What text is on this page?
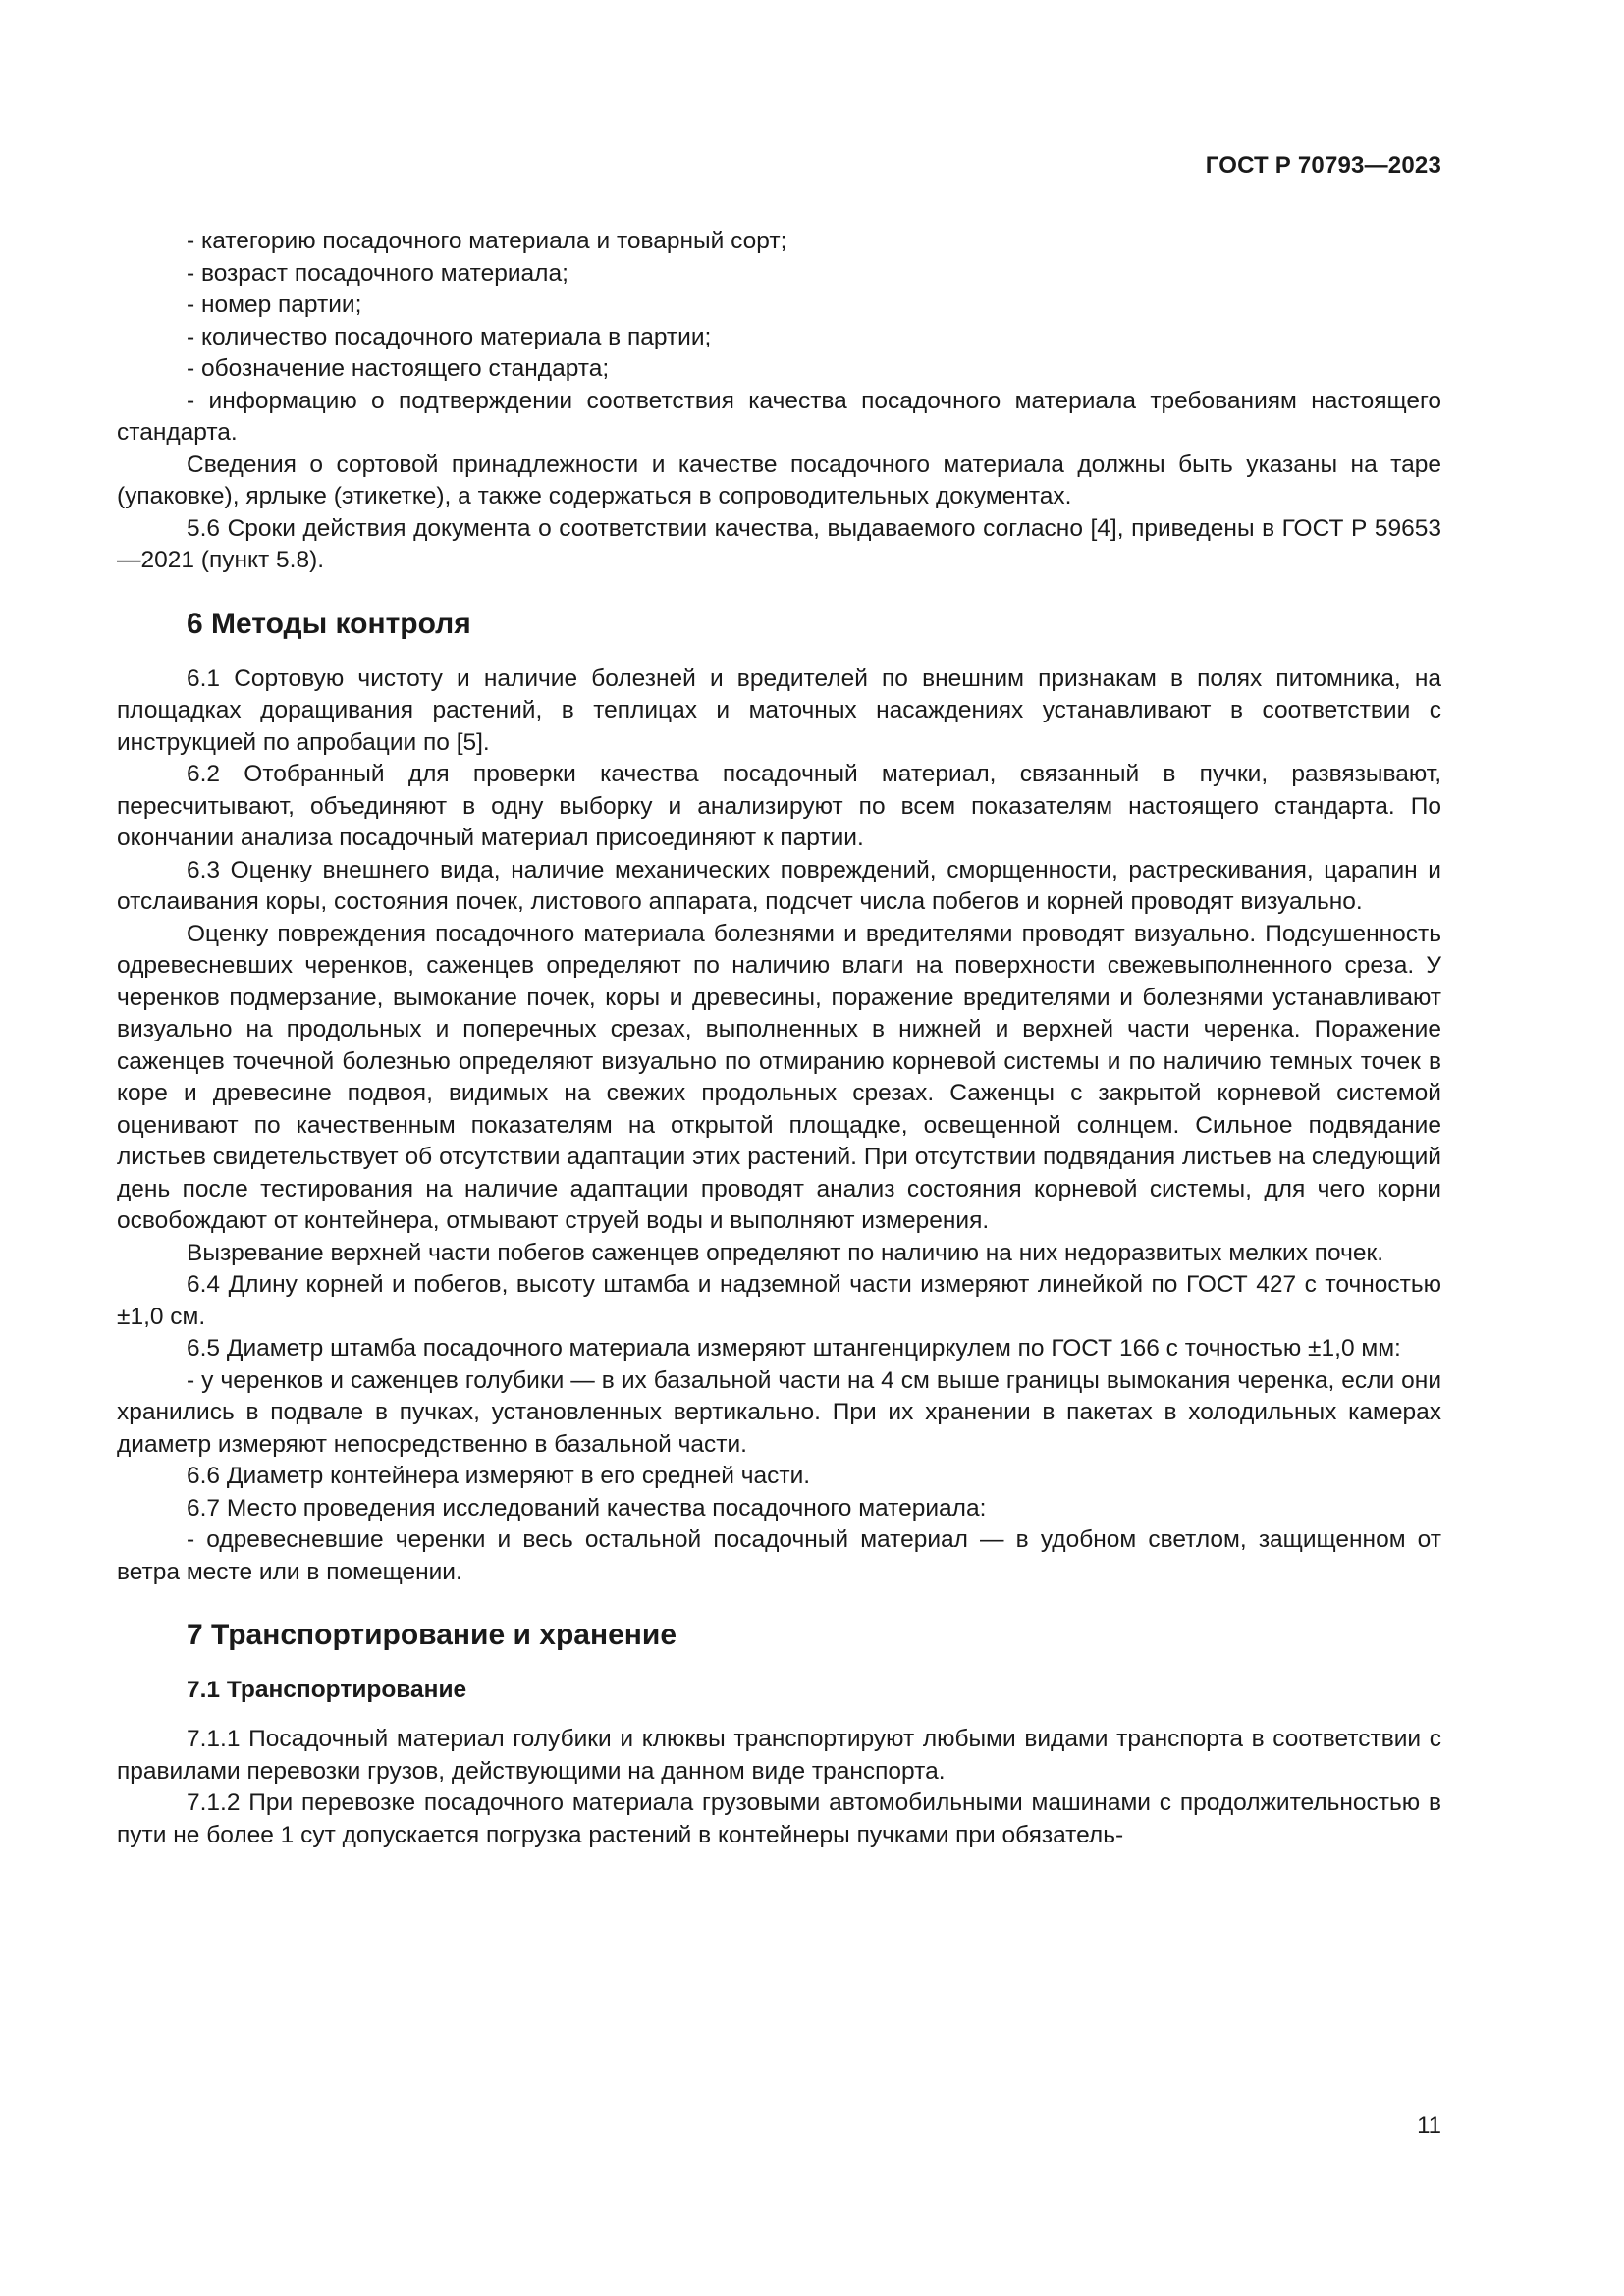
ГОСТ Р 70793—2023

- категорию посадочного материала и товарный сорт;

- возраст посадочного материала;

- номер партии;

- количество посадочного материала в партии;

- обозначение настоящего стандарта;

- информацию о подтверждении соответствия качества посадочного материала требованиям настоящего стандарта.

Сведения о сортовой принадлежности и качестве посадочного материала должны быть указаны на таре (упаковке), ярлыке (этикетке), а также содержаться в сопроводительных документах.

5.6 Сроки действия документа о соответствии качества, выдаваемого согласно [4], приведены в ГОСТ Р 59653—2021 (пункт 5.8).

6 Методы контроля

6.1 Сортовую чистоту и наличие болезней и вредителей по внешним признакам в полях питомника, на площадках доращивания растений, в теплицах и маточных насаждениях устанавливают в соответствии с инструкцией по апробации по [5].

6.2 Отобранный для проверки качества посадочный материал, связанный в пучки, развязывают, пересчитывают, объединяют в одну выборку и анализируют по всем показателям настоящего стандарта. По окончании анализа посадочный материал присоединяют к партии.

6.3 Оценку внешнего вида, наличие механических повреждений, сморщенности, растрескивания, царапин и отслаивания коры, состояния почек, листового аппарата, подсчет числа побегов и корней проводят визуально.

Оценку повреждения посадочного материала болезнями и вредителями проводят визуально. Подсушенность одревесневших черенков, саженцев определяют по наличию влаги на поверхности свежевыполненного среза. У черенков подмерзание, вымокание почек, коры и древесины, поражение вредителями и болезнями устанавливают визуально на продольных и поперечных срезах, выполненных в нижней и верхней части черенка. Поражение саженцев точечной болезнью определяют визуально по отмиранию корневой системы и по наличию темных точек в коре и древесине подвоя, видимых на свежих продольных срезах. Саженцы с закрытой корневой системой оценивают по качественным показателям на открытой площадке, освещенной солнцем. Сильное подвядание листьев свидетельствует об отсутствии адаптации этих растений. При отсутствии подвядания листьев на следующий день после тестирования на наличие адаптации проводят анализ состояния корневой системы, для чего корни освобождают от контейнера, отмывают струей воды и выполняют измерения.

Вызревание верхней части побегов саженцев определяют по наличию на них недоразвитых мелких почек.

6.4 Длину корней и побегов, высоту штамба и надземной части измеряют линейкой по ГОСТ 427 с точностью ±1,0 см.

6.5 Диаметр штамба посадочного материала измеряют штангенциркулем по ГОСТ 166 с точностью ±1,0 мм:

- у черенков и саженцев голубики — в их базальной части на 4 см выше границы вымокания черенка, если они хранились в подвале в пучках, установленных вертикально. При их хранении в пакетах в холодильных камерах диаметр измеряют непосредственно в базальной части.

6.6 Диаметр контейнера измеряют в его средней части.

6.7 Место проведения исследований качества посадочного материала:

- одревесневшие черенки и весь остальной посадочный материал — в удобном светлом, защищенном от ветра месте или в помещении.

7 Транспортирование и хранение
7.1 Транспортирование

7.1.1 Посадочный материал голубики и клюквы транспортируют любыми видами транспорта в соответствии с правилами перевозки грузов, действующими на данном виде транспорта.

7.1.2 При перевозке посадочного материала грузовыми автомобильными машинами с продолжительностью в пути не более 1 сут допускается погрузка растений в контейнеры пучками при обязатель-

11
